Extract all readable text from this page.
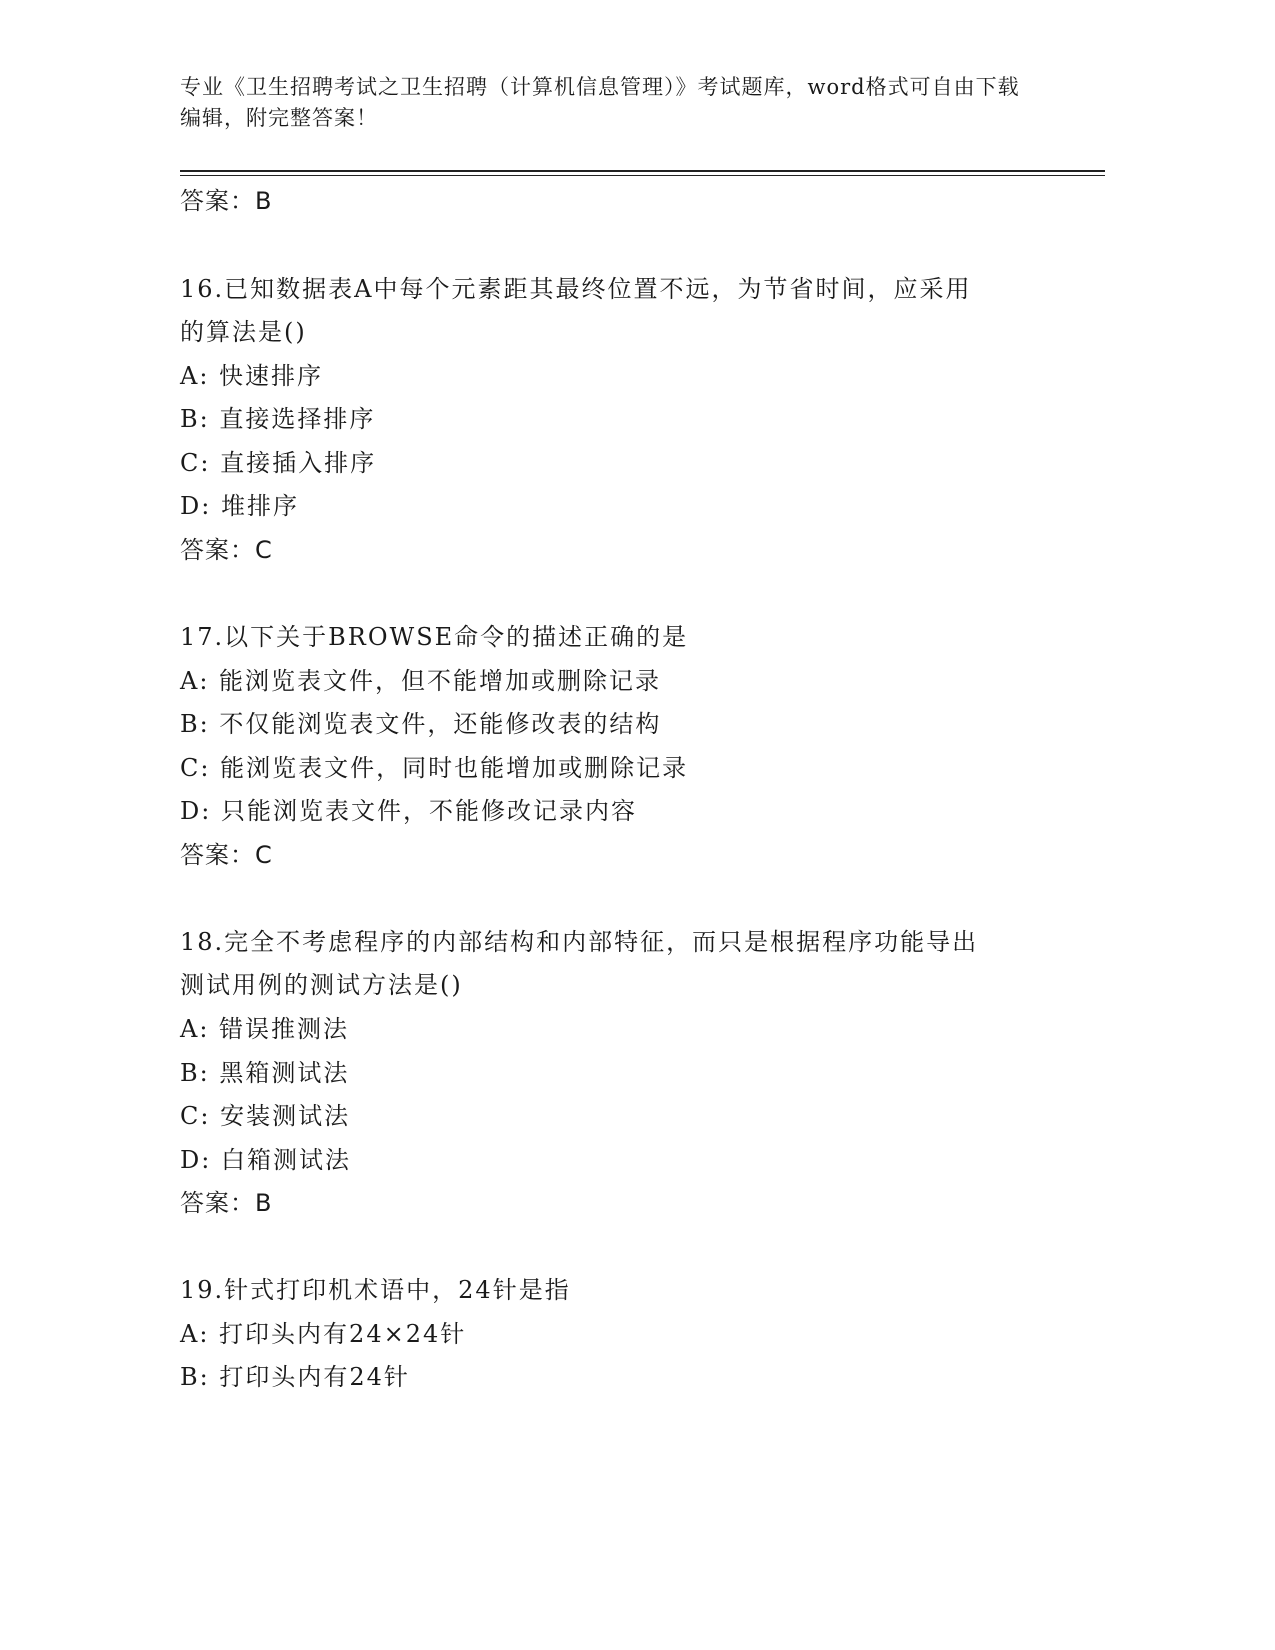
专业《卫生招聘考试之卫生招聘（计算机信息管理）》考试题库，word格式可自由下载编辑，附完整答案！
答案：B
16.已知数据表A中每个元素距其最终位置不远，为节省时间，应采用
的算法是()
A: 快速排序
B: 直接选择排序
C: 直接插入排序
D: 堆排序
答案：C
17.以下关于BROWSE命令的描述正确的是
A: 能浏览表文件，但不能增加或删除记录
B: 不仅能浏览表文件，还能修改表的结构
C: 能浏览表文件，同时也能增加或删除记录
D: 只能浏览表文件，不能修改记录内容
答案：C
18.完全不考虑程序的内部结构和内部特征，而只是根据程序功能导出
测试用例的测试方法是()
A: 错误推测法
B: 黑箱测试法
C: 安装测试法
D: 白箱测试法
答案：B
19.针式打印机术语中，24针是指
A: 打印头内有24×24针
B: 打印头内有24针
